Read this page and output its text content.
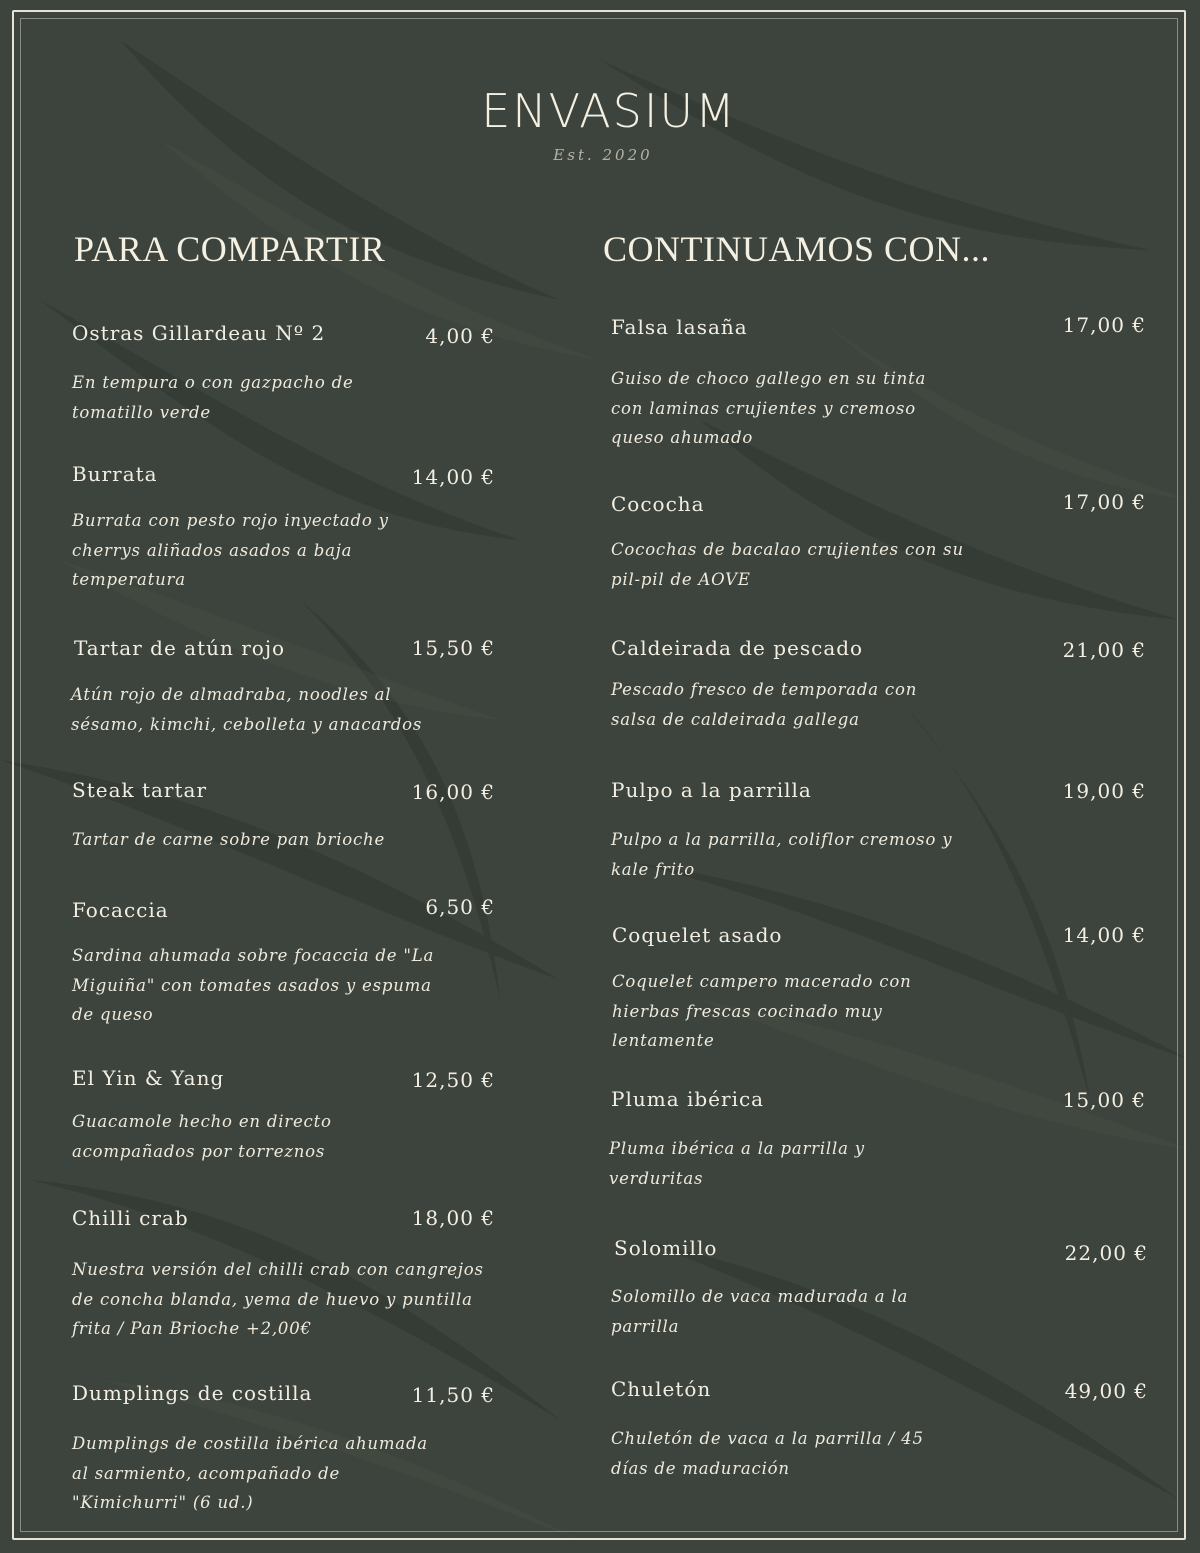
ENVASIUM
Est. 2020
PARA COMPARTIR	CONTINUAMOS CON...
Ostras Gillardeau Nº 2	4,00 €
En tempura o con gazpacho de tomatillo verde
Burrata	14,00 €
Burrata con pesto rojo inyectado y cherrys aliñados asados a baja temperatura
Tartar de atún rojo	15,50 €
Atún rojo de almadraba, noodles al sésamo, kimchi, cebolleta y anacardos
Steak tartar	16,00 €
Tartar de carne sobre pan brioche
Focaccia	6,50 €
Sardina ahumada sobre focaccia de "La Miguiña" con tomates asados y espuma de queso
El Yin & Yang	12,50 €
Guacamole hecho en directo acompañados por torreznos
Chilli crab	18,00 €
Nuestra versión del chilli crab con cangrejos de concha blanda, yema de huevo y puntilla frita / Pan Brioche +2,00€
Dumplings de costilla	11,50 €
Dumplings de costilla ibérica ahumada al sarmiento, acompañado de "Kimichurri" (6 ud.)
Falsa lasaña	17,00 €
Guiso de choco gallego en su tinta con laminas crujientes y cremoso queso ahumado
Cocochа	17,00 €
Cocochas de bacalao crujientes con su pil-pil de AOVE
Caldeirada de pescado	21,00 €
Pescado fresco de temporada con salsa de caldeirada gallega
Pulpo a la parrilla	19,00 €
Pulpo a la parrilla, coliflor cremoso y kale frito
Coquelet asado	14,00 €
Coquelet campero macerado con hierbas frescas cocinado muy lentamente
Pluma ibérica	15,00 €
Pluma ibérica a la parrilla y verduritas
Solomillo	22,00 €
Solomillo de vaca madurada a la parrilla
Chuletón	49,00 €
Chuletón de vaca a la parrilla / 45 días de maduración
